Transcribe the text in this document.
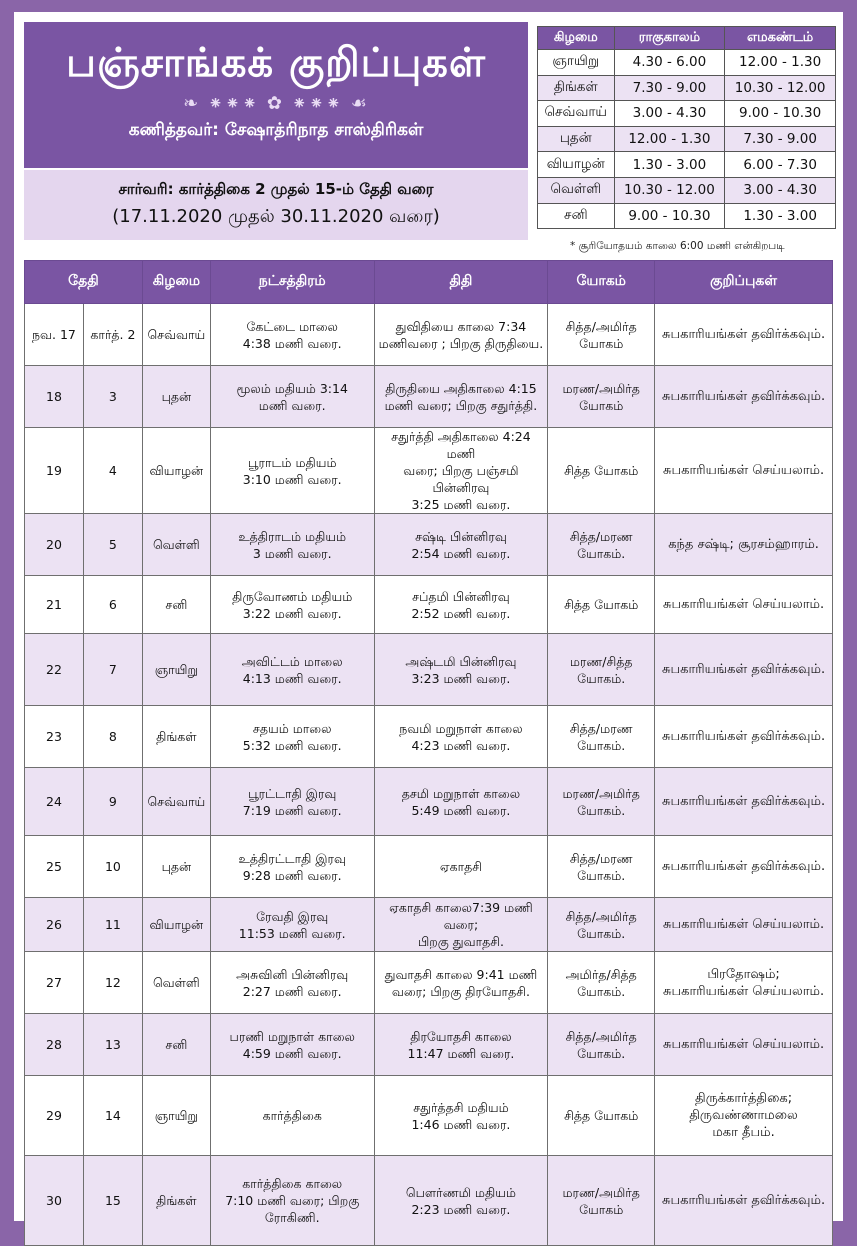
பஞ்சாங்கக் குறிப்புகள்
❧ ⁕⁕⁕ ✿ ⁕⁕⁕ ☙
கணித்தவர்: சேஷாத்ரிநாத சாஸ்திரிகள்
சார்வரி: கார்த்திகை 2 முதல் 15-ம் தேதி வரை
(17.11.2020 முதல் 30.11.2020 வரை)
கிழமை	ராகுகாலம்	எமகண்டம்
ஞாயிறு	4.30 - 6.00	12.00 - 1.30
திங்கள்	7.30 - 9.00	10.30 - 12.00
செவ்வாய்	3.00 - 4.30	9.00 - 10.30
புதன்	12.00 - 1.30	7.30 - 9.00
வியாழன்	1.30 - 3.00	6.00 - 7.30
வெள்ளி	10.30 - 12.00	3.00 - 4.30
சனி	9.00 - 10.30	1.30 - 3.00
* சூரியோதயம் காலை 6:00 மணி என்கிறபடி
தேதி		கிழமை	நட்சத்திரம்	திதி	யோகம்	குறிப்புகள்
நவ. 17	கார்த். 2	செவ்வாய்	கேட்டை மாலை
4:38 மணி வரை.	துவிதியை காலை 7:34
மணிவரை ; பிறகு திருதியை.	சித்த/அமிர்த
யோகம்	சுபகாரியங்கள் தவிர்க்கவும்.

18	3	புதன்	மூலம் மதியம் 3:14
மணி வரை.	திருதியை அதிகாலை 4:15
மணி வரை; பிறகு சதுர்த்தி.	மரண/அமிர்த
யோகம்	சுபகாரியங்கள் தவிர்க்கவும்.

19	4	வியாழன்	பூராடம் மதியம்
3:10 மணி வரை.	சதுர்த்தி அதிகாலை 4:24 மணி
வரை; பிறகு பஞ்சமி பின்னிரவு
3:25 மணி வரை.	சித்த யோகம்	சுபகாரியங்கள் செய்யலாம்.

20	5	வெள்ளி	உத்திராடம் மதியம்
3 மணி வரை.	சஷ்டி பின்னிரவு
2:54 மணி வரை.	சித்த/மரண
யோகம்.	கந்த சஷ்டி; சூரசம்ஹாரம்.

21	6	சனி	திருவோணம் மதியம்
3:22 மணி வரை.	சப்தமி பின்னிரவு
2:52 மணி வரை.	சித்த யோகம்	சுபகாரியங்கள் செய்யலாம்.

22	7	ஞாயிறு	அவிட்டம் மாலை
4:13 மணி வரை.	அஷ்டமி பின்னிரவு
3:23 மணி வரை.	மரண/சித்த
யோகம்.	சுபகாரியங்கள் தவிர்க்கவும்.

23	8	திங்கள்	சதயம் மாலை
5:32 மணி வரை.	நவமி மறுநாள் காலை
4:23 மணி வரை.	சித்த/மரண
யோகம்.	சுபகாரியங்கள் தவிர்க்கவும்.

24	9	செவ்வாய்	பூரட்டாதி இரவு
7:19 மணி வரை.	தசமி மறுநாள் காலை
5:49 மணி வரை.	மரண/அமிர்த
யோகம்.	சுபகாரியங்கள் தவிர்க்கவும்.

25	10	புதன்	உத்திரட்டாதி இரவு
9:28 மணி வரை.	ஏகாதசி	சித்த/மரண
யோகம்.	சுபகாரியங்கள் தவிர்க்கவும்.

26	11	வியாழன்	ரேவதி இரவு
11:53 மணி வரை.	ஏகாதசி காலை7:39 மணி வரை;
பிறகு துவாதசி.	சித்த/அமிர்த
யோகம்.	சுபகாரியங்கள் செய்யலாம்.

27	12	வெள்ளி	அசுவினி பின்னிரவு
2:27 மணி வரை.	துவாதசி காலை 9:41 மணி
வரை; பிறகு திரயோதசி.	அமிர்த/சித்த
யோகம்.	பிரதோஷம்;
சுபகாரியங்கள் செய்யலாம்.

28	13	சனி	பரணி மறுநாள் காலை
4:59 மணி வரை.	திரயோதசி காலை
11:47 மணி வரை.	சித்த/அமிர்த
யோகம்.	சுபகாரியங்கள் செய்யலாம்.

29	14	ஞாயிறு	கார்த்திகை	சதுர்த்தசி மதியம்
1:46 மணி வரை.	சித்த யோகம்	திருக்கார்த்திகை;
திருவண்ணாமலை
மகா தீபம்.

30	15	திங்கள்	கார்த்திகை காலை
7:10 மணி வரை; பிறகு
ரோகிணி.	பௌர்ணமி மதியம்
2:23 மணி வரை.	மரண/அமிர்த
யோகம்	சுபகாரியங்கள் தவிர்க்கவும்.
